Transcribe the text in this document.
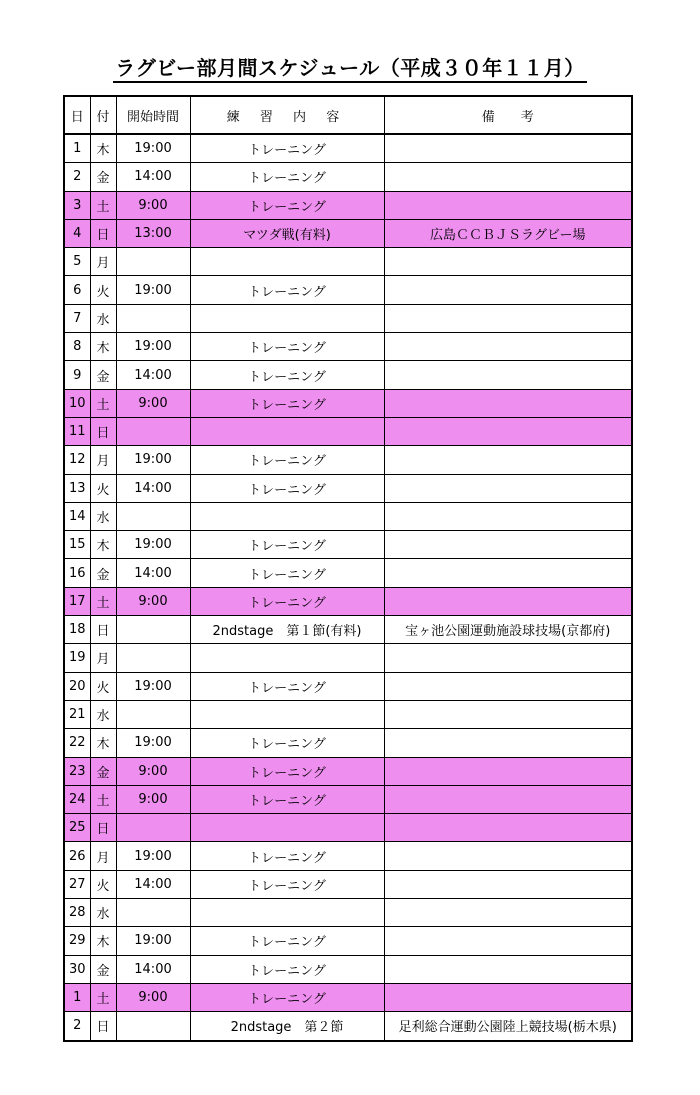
ラグビー部月間スケジュール（平成３０年１１月）
日	付	開始時間	練 習 内 容	備　　考
1	木	19:00	トレーニング	
2	金	14:00	トレーニング	
3	土	9:00	トレーニング	
4	日	13:00	マツダ戦(有料)	広島ＣＣＢＪＳラグビー場
5	月			
6	火	19:00	トレーニング	
7	水			
8	木	19:00	トレーニング	
9	金	14:00	トレーニング	
10	土	9:00	トレーニング	
11	日			
12	月	19:00	トレーニング	
13	火	14:00	トレーニング	
14	水			
15	木	19:00	トレーニング	
16	金	14:00	トレーニング	
17	土	9:00	トレーニング	
18	日		2ndstage　第１節(有料)	宝ヶ池公園運動施設球技場(京都府)
19	月			
20	火	19:00	トレーニング	
21	水			
22	木	19:00	トレーニング	
23	金	9:00	トレーニング	
24	土	9:00	トレーニング	
25	日			
26	月	19:00	トレーニング	
27	火	14:00	トレーニング	
28	水			
29	木	19:00	トレーニング	
30	金	14:00	トレーニング	
1	土	9:00	トレーニング	
2	日		2ndstage　第２節	足利総合運動公園陸上競技場(栃木県)
